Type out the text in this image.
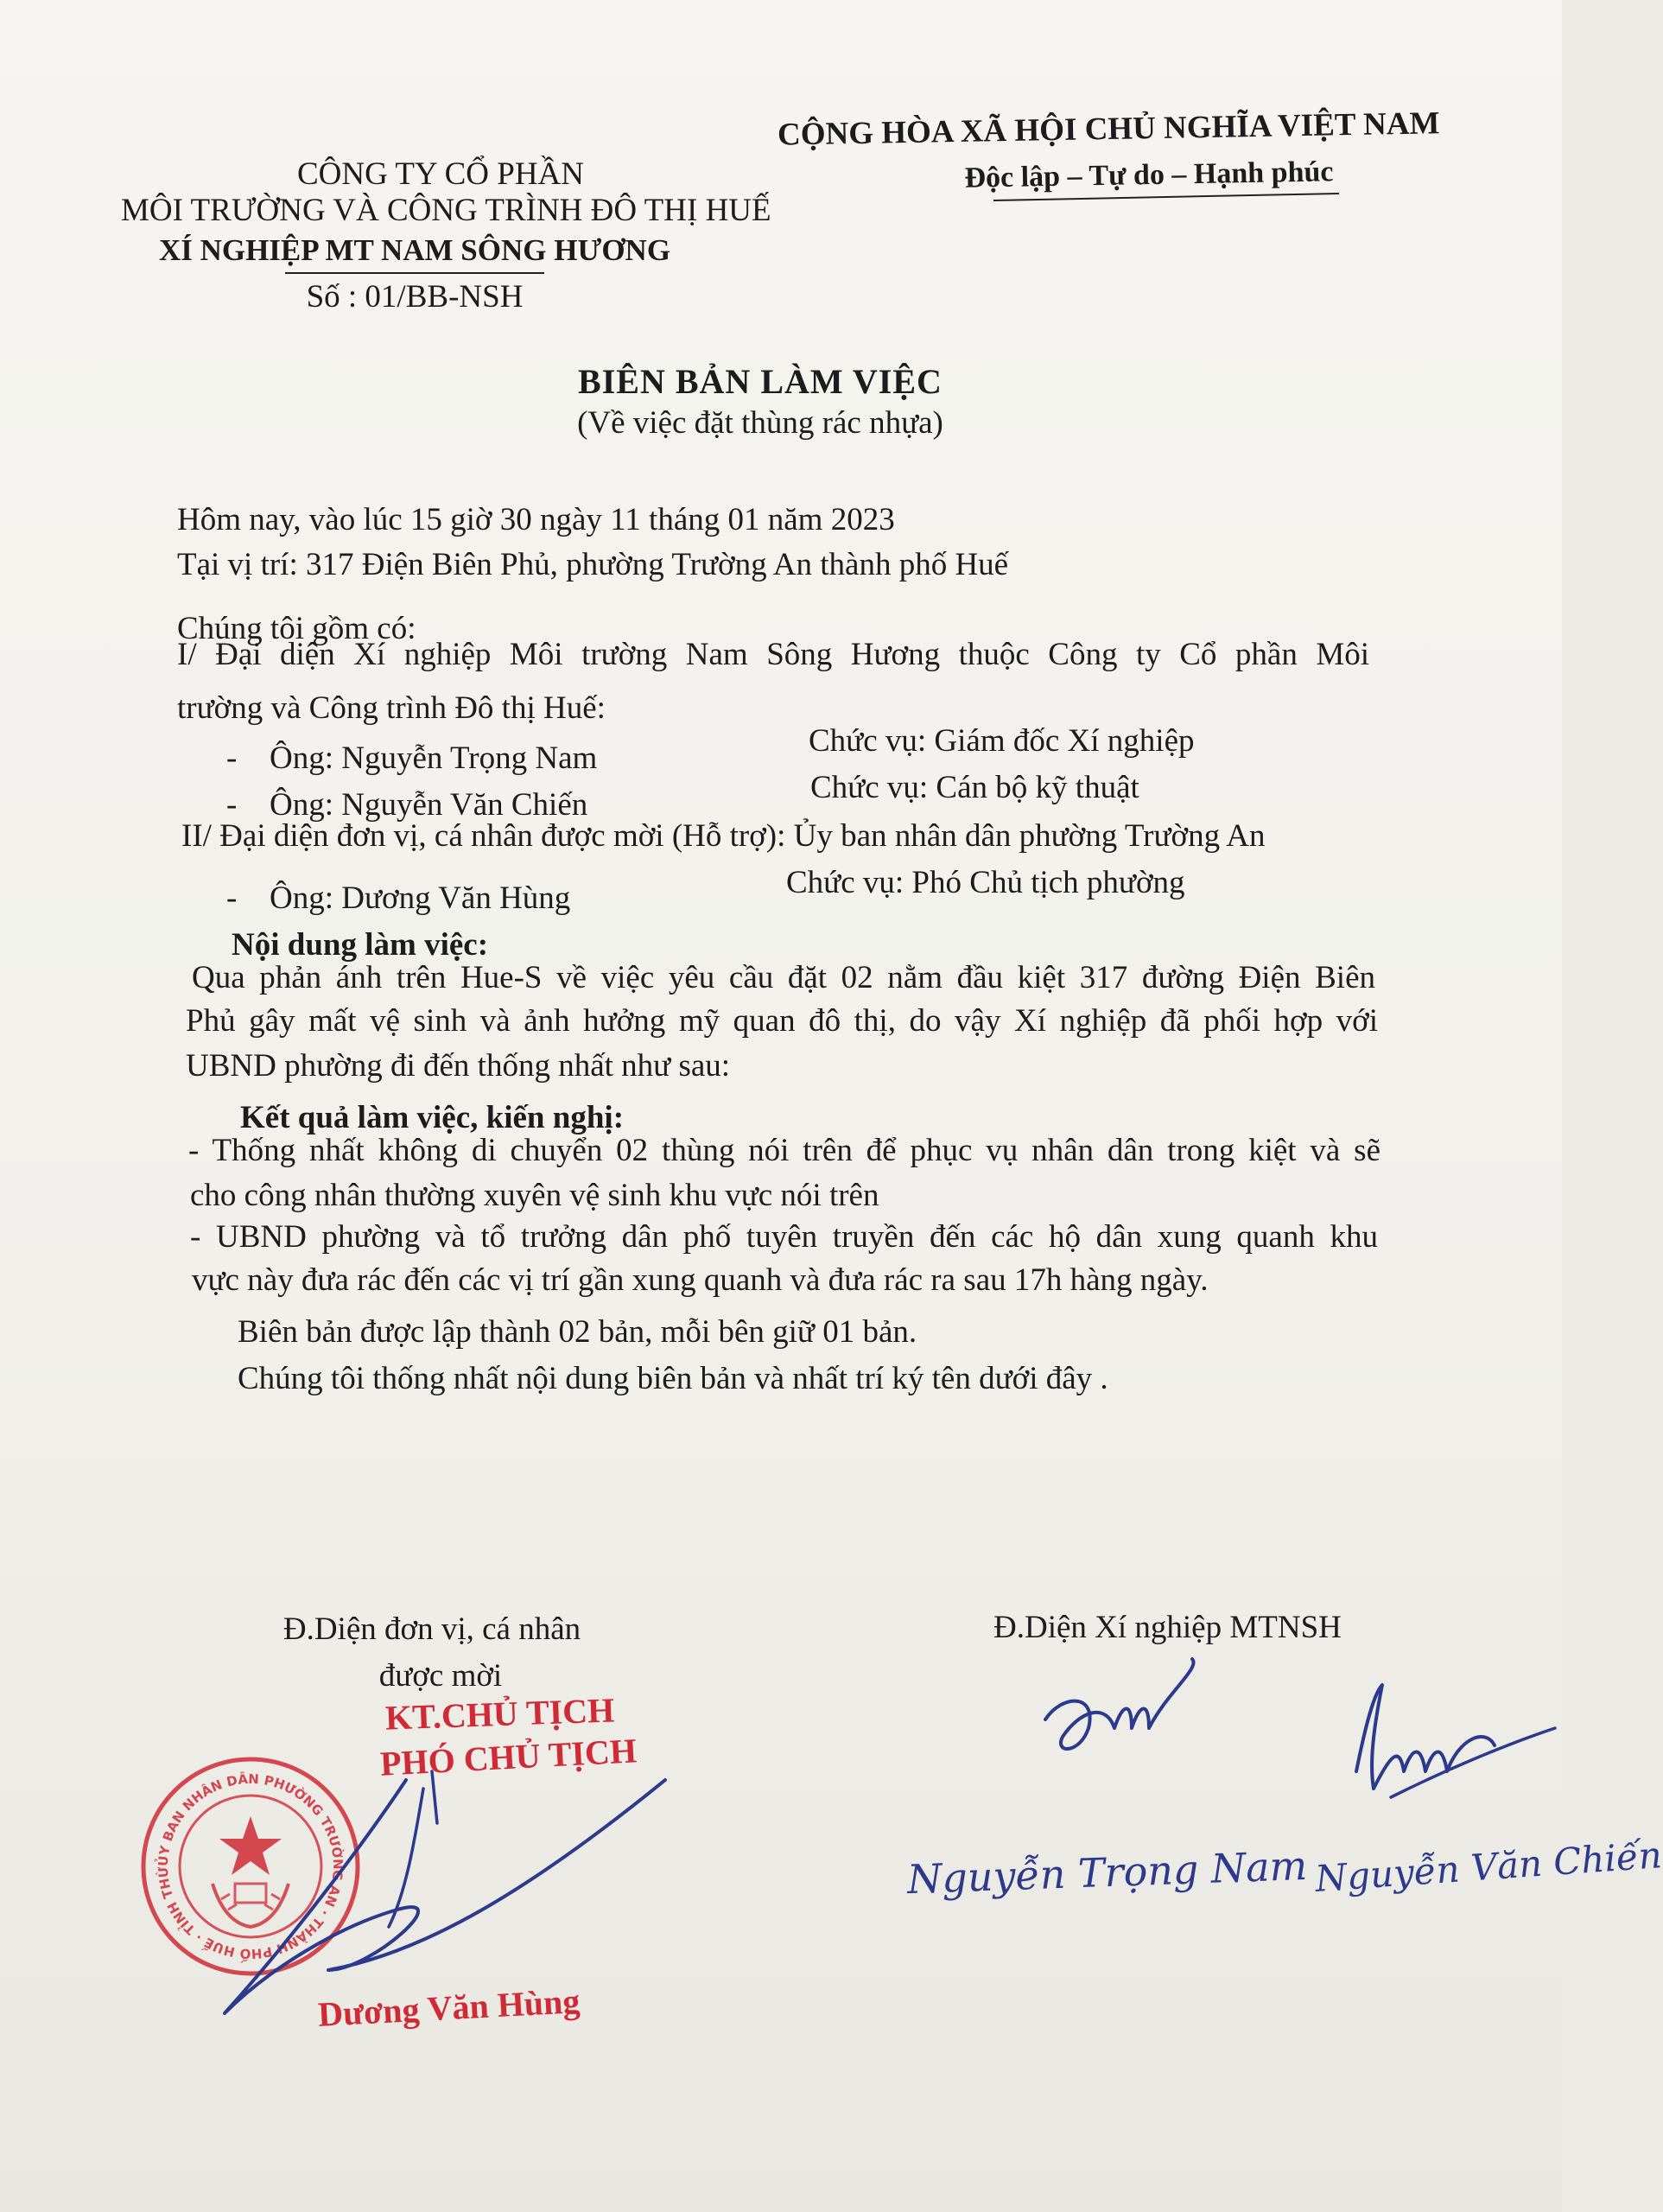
CÔNG TY CỔ PHẦN
MÔI TRƯỜNG VÀ CÔNG TRÌNH ĐÔ THỊ HUẾ
XÍ NGHIỆP MT NAM SÔNG HƯƠNG
Số : 01/BB-NSH
CỘNG HÒA XÃ HỘI CHỦ NGHĨA VIỆT NAM
Độc lập – Tự do – Hạnh phúc
BIÊN BẢN LÀM VIỆC
(Về việc đặt thùng rác nhựa)
Hôm nay, vào lúc 15 giờ 30 ngày 11 tháng 01 năm 2023
Tại vị trí: 317 Điện Biên Phủ, phường Trường An thành phố Huế
Chúng tôi gồm có:
I/ Đại diện Xí nghiệp Môi trường Nam Sông Hương thuộc Công ty Cổ phần Môi
trường và Công trình Đô thị Huế:
- Ông: Nguyễn Trọng Nam	Chức vụ: Giám đốc Xí nghiệp
- Ông: Nguyễn Văn Chiến	Chức vụ: Cán bộ kỹ thuật
II/ Đại diện đơn vị, cá nhân được mời (Hỗ trợ): Ủy ban nhân dân phường Trường An
- Ông: Dương Văn Hùng	Chức vụ: Phó Chủ tịch phường
Nội dung làm việc:
Qua phản ánh trên Hue-S về việc yêu cầu đặt 02 nằm đầu kiệt 317 đường Điện Biên
Phủ gây mất vệ sinh và ảnh hưởng mỹ quan đô thị, do vậy Xí nghiệp đã phối hợp với
UBND phường đi đến thống nhất như sau:
Kết quả làm việc, kiến nghị:
- Thống nhất không di chuyển 02 thùng nói trên để phục vụ nhân dân trong kiệt và sẽ
cho công nhân thường xuyên vệ sinh khu vực nói trên
- UBND phường và tổ trưởng dân phố tuyên truyền đến các hộ dân xung quanh khu
vực này đưa rác đến các vị trí gần xung quanh và đưa rác ra sau 17h hàng ngày.
Biên bản được lập thành 02 bản, mỗi bên giữ 01 bản.
Chúng tôi thống nhất nội dung biên bản và nhất trí ký tên dưới đây .
Đ.Diện đơn vị, cá nhân
được mời
KT.CHỦ TỊCH
PHÓ CHỦ TỊCH
ỦY BAN NHÂN DÂN PHƯỜNG TRƯỜNG AN · THÀNH PHỐ HUẾ · TỈNH THỪA THIÊN HUẾ
Dương Văn Hùng
Đ.Diện Xí nghiệp MTNSH
Nguyễn Trọng Nam Nguyễn Văn Chiến
